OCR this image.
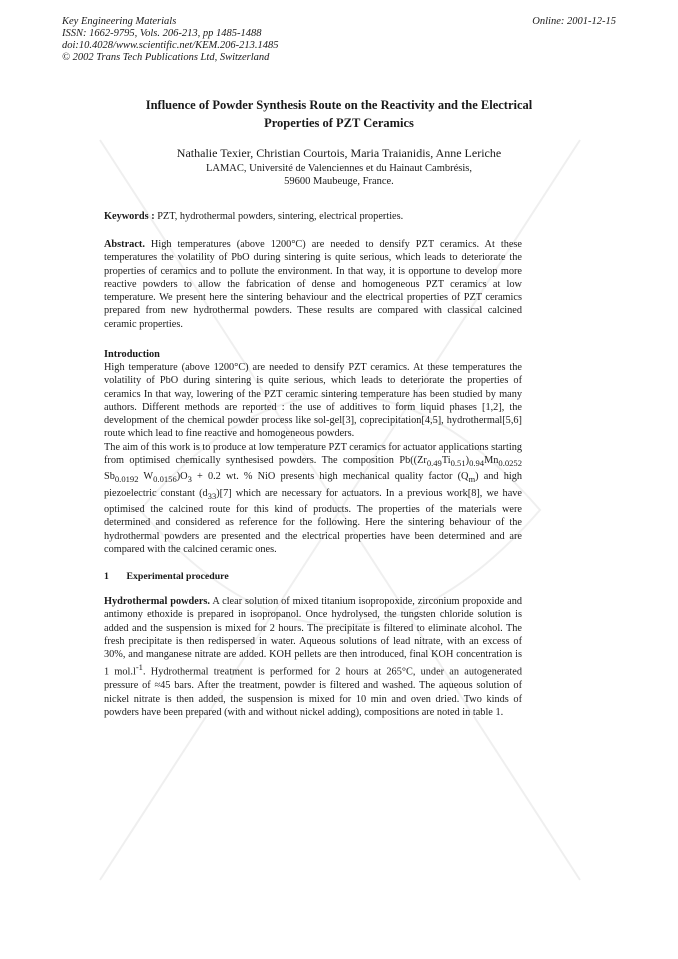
Key Engineering Materials
ISSN: 1662-9795, Vols. 206-213, pp 1485-1488
doi:10.4028/www.scientific.net/KEM.206-213.1485
© 2002 Trans Tech Publications Ltd, Switzerland
Online: 2001-12-15
Influence of Powder Synthesis Route on the Reactivity and the Electrical
Properties of PZT Ceramics
Nathalie Texier, Christian Courtois, Maria Traianidis, Anne Leriche
LAMAC, Université de Valenciennes et du Hainaut Cambrésis,
59600 Maubeuge, France.
Keywords : PZT, hydrothermal powders, sintering, electrical properties.
Abstract. High temperatures (above 1200°C) are needed to densify PZT ceramics. At these temperatures the volatility of PbO during sintering is quite serious, which leads to deteriorate the properties of ceramics and to pollute the environment. In that way, it is opportune to develop more reactive powders to allow the fabrication of dense and homogeneous PZT ceramics at low temperature. We present here the sintering behaviour and the electrical properties of PZT ceramics prepared from new hydrothermal powders. These results are compared with classical calcined ceramic properties.
Introduction

High temperature (above 1200°C) are needed to densify PZT ceramics. At these temperatures the volatility of PbO during sintering is quite serious, which leads to deteriorate the properties of ceramics In that way, lowering of the PZT ceramic sintering temperature has been studied by many authors. Different methods are reported : the use of additives to form liquid phases [1,2], the development of the chemical powder process like sol-gel[3], coprecipitation[4,5], hydrothermal[5,6] route which lead to fine reactive and homogeneous powders.

The aim of this work is to produce at low temperature PZT ceramics for actuator applications starting from optimised chemically synthesised powders. The composition $Pb((Zr_{0.49}Ti_{0.51})_{0.94}Mn_{0.0252}$ $Sb_{0.0192}$ $W_{0.0156})O_3 + 0.2$ wt. % NiO presents high mechanical quality factor $(Q_m)$ and high piezoelectric constant $(d_{33})[7]$ which are necessary for actuators. In a previous work[8], we have optimised the calcined route for this kind of products. The properties of the materials were determined and considered as reference for the following. Here the sintering behaviour of the hydrothermal powders are presented and the electrical properties have been determined and are compared with the calcined ceramic ones.

1 Experimental procedure
Hydrothermal powders. A clear solution of mixed titanium isopropoxide, zirconium propoxide and antimony ethoxide is prepared in isopropanol. Once hydrolysed, the tungsten chloride solution is added and the suspension is mixed for 2 hours. The precipitate is filtered to eliminate alcohol. The fresh precipitate is then redispersed in water. Aqueous solutions of lead nitrate, with an excess of 30%, and manganese nitrate are added. KOH pellets are then introduced, final KOH concentration is 1 $mol.l^{-1}$. Hydrothermal treatment is performed for 2 hours at 265°C, under an autogenerated pressure of ≈45 bars. After the treatment, powder is filtered and washed. The aqueous solution of nickel nitrate is then added, the suspension is mixed for 10 min and oven dried. Two kinds of powders have been prepared (with and without nickel adding), compositions are noted in table 1.
